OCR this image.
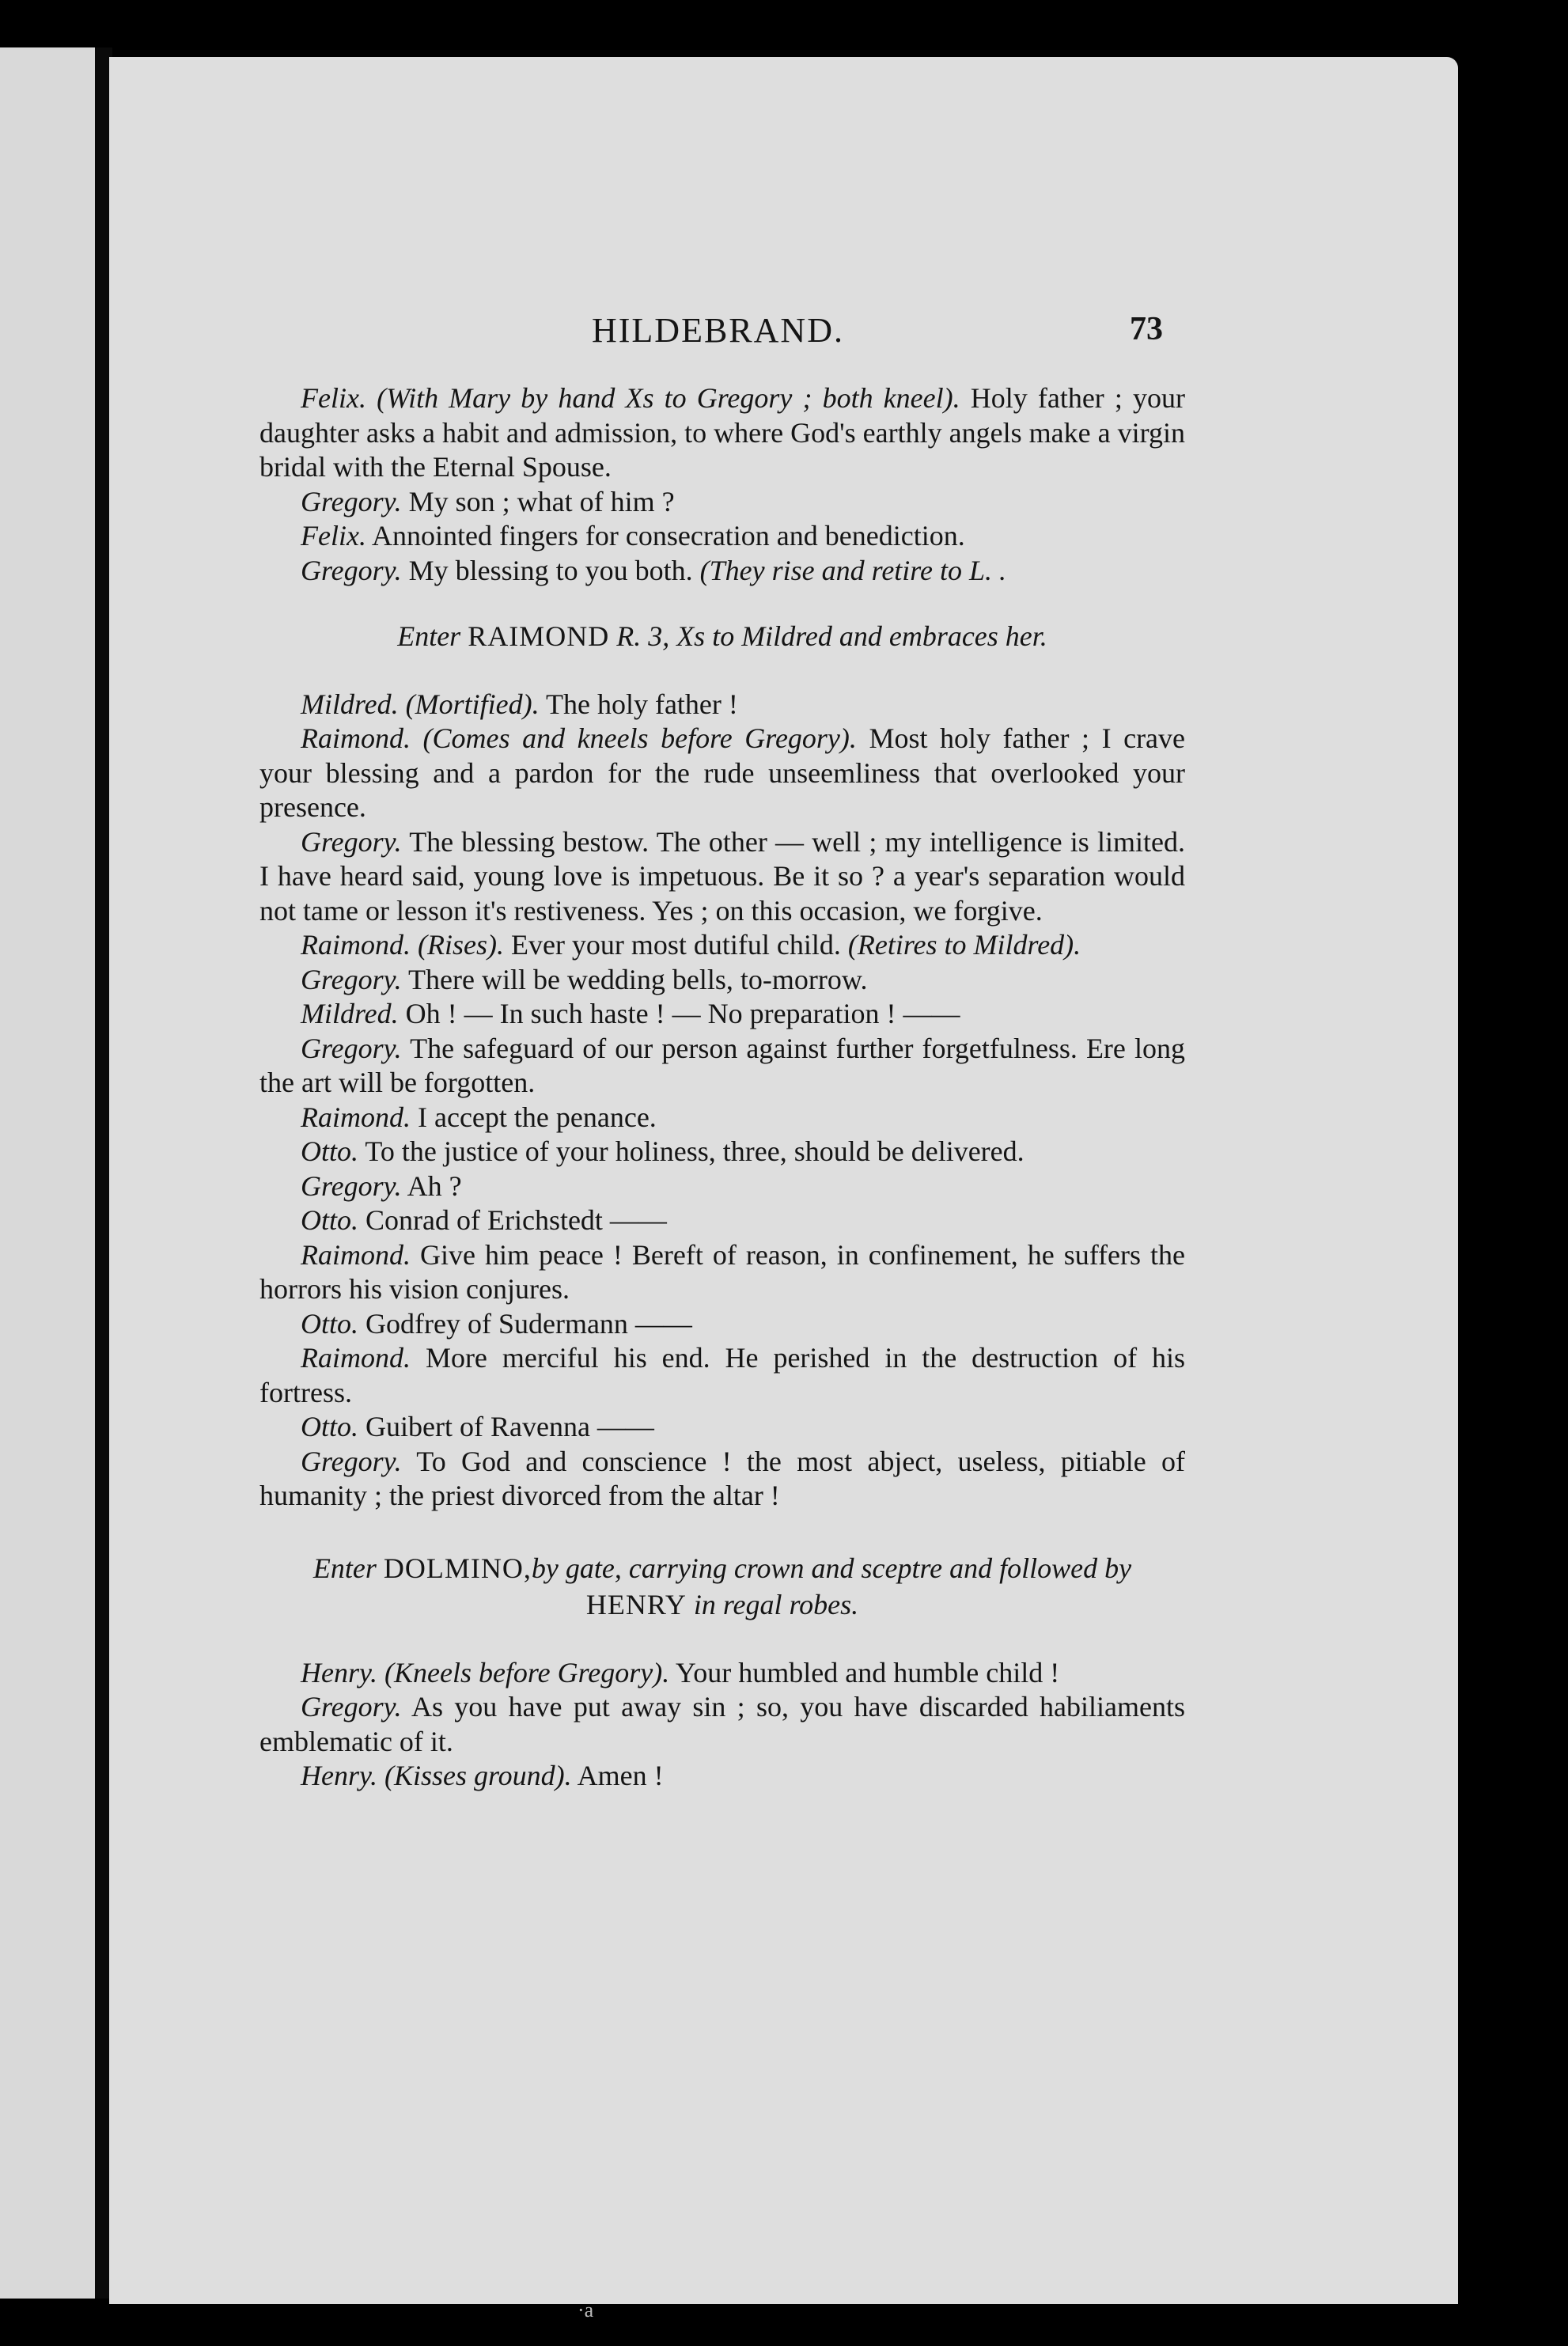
HILDEBRAND.	73

Felix. (With Mary by hand Xs to Gregory ; both kneel). Holy father ; your daughter asks a habit and admission, to where God's earthly angels make a virgin bridal with the Eternal Spouse.

Gregory. My son ; what of him ?

Felix. Annointed fingers for consecration and benediction.

Gregory. My blessing to you both. (They rise and retire to L. .

Enter RAIMOND R. 3, Xs to Mildred and embraces her.

Mildred. (Mortified). The holy father !

Raimond. (Comes and kneels before Gregory). Most holy father ; I crave your blessing and a pardon for the rude unseemliness that overlooked your presence.

Gregory. The blessing bestow. The other — well ; my intelligence is limited. I have heard said, young love is impetuous. Be it so ? a year's separation would not tame or lesson it's restiveness. Yes ; on this occasion, we forgive.

Raimond. (Rises). Ever your most dutiful child. (Retires to Mildred).

Gregory. There will be wedding bells, to-morrow.

Mildred. Oh ! — In such haste ! — No preparation ! ——

Gregory. The safeguard of our person against further forgetfulness. Ere long the art will be forgotten.

Raimond. I accept the penance.

Otto. To the justice of your holiness, three, should be delivered.

Gregory. Ah ?

Otto. Conrad of Erichstedt ——

Raimond. Give him peace ! Bereft of reason, in confinement, he suffers the horrors his vision conjures.

Otto. Godfrey of Sudermann ——

Raimond. More merciful his end. He perished in the destruction of his fortress.

Otto. Guibert of Ravenna ——

Gregory. To God and conscience ! the most abject, useless, pitiable of humanity ; the priest divorced from the altar !

Enter DOLMINO,by gate, carrying crown and sceptre and followed by HENRY in regal robes.

Henry. (Kneels before Gregory). Your humbled and humble child !

Gregory. As you have put away sin ; so, you have discarded habiliaments emblematic of it.

Henry. (Kisses ground). Amen !

·a
